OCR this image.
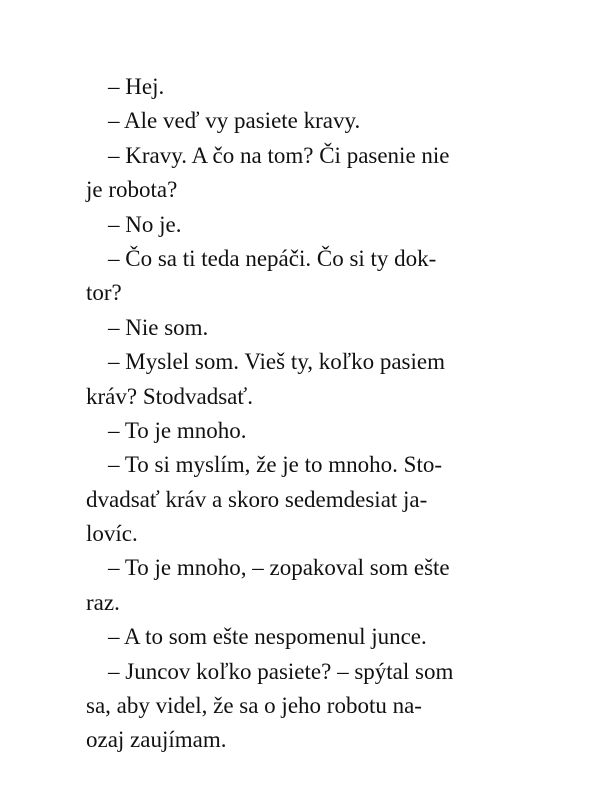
– Hej.
– Ale veď vy pasiete kravy.
– Kravy. A čo na tom? Či pasenie nie
je robota?
– No je.
– Čo sa ti teda nepáči. Čo si ty dok-
tor?
– Nie som.
– Myslel som. Vieš ty, koľko pasiem
kráv? Stodvadsať.
– To je mnoho.
– To si myslím, že je to mnoho. Sto-
dvadsať kráv a skoro sedemdesiat ja-
lovíc.
– To je mnoho, – zopakoval som ešte
raz.
– A to som ešte nespomenul junce.
– Juncov koľko pasiete? – spýtal som
sa, aby videl, že sa o jeho robotu na-
ozaj zaujímam.
